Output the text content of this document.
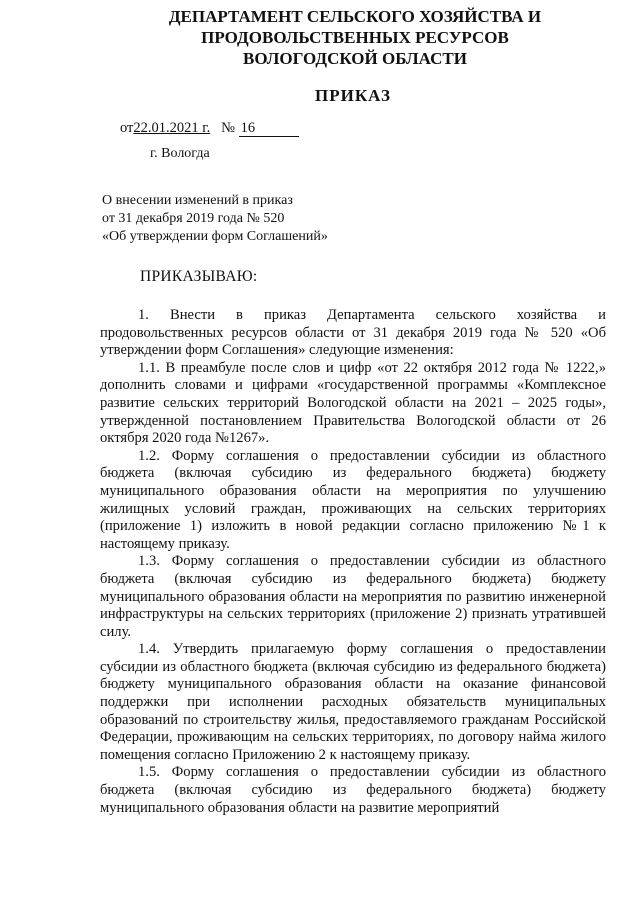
ДЕПАРТАМЕНТ СЕЛЬСКОГО ХОЗЯЙСТВА И
ПРОДОВОЛЬСТВЕННЫХ РЕСУРСОВ
ВОЛОГОДСКОЙ ОБЛАСТИ
ПРИКАЗ
от22.01.2021 г. № 16
г. Вологда
О внесении изменений в приказ
от 31 декабря 2019 года № 520
«Об утверждении форм Соглашений»
ПРИКАЗЫВАЮ:

1. Внести в приказ Департамента сельского хозяйства и продовольственных ресурсов области от 31 декабря 2019 года № 520 «Об утверждении форм Соглашения» следующие изменения:

1.1. В преамбуле после слов и цифр «от 22 октября 2012 года № 1222,» дополнить словами и цифрами «государственной программы «Комплексное развитие сельских территорий Вологодской области на 2021 – 2025 годы», утвержденной постановлением Правительства Вологодской области от 26 октября 2020 года №1267».

1.2. Форму соглашения о предоставлении субсидии из областного бюджета (включая субсидию из федерального бюджета) бюджету муниципального образования области на мероприятия по улучшению жилищных условий граждан, проживающих на сельских территориях (приложение 1) изложить в новой редакции согласно приложению №1 к настоящему приказу.

1.3. Форму соглашения о предоставлении субсидии из областного бюджета (включая субсидию из федерального бюджета) бюджету муниципального образования области на мероприятия по развитию инженерной инфраструктуры на сельских территориях (приложение 2) признать утратившей силу.

1.4. Утвердить прилагаемую форму соглашения о предоставлении субсидии из областного бюджета (включая субсидию из федерального бюджета) бюджету муниципального образования области на оказание финансовой поддержки при исполнении расходных обязательств муниципальных образований по строительству жилья, предоставляемого гражданам Российской Федерации, проживающим на сельских территориях, по договору найма жилого помещения согласно Приложению 2 к настоящему приказу.

1.5. Форму соглашения о предоставлении субсидии из областного бюджета (включая субсидию из федерального бюджета) бюджету муниципального образования области на развитие мероприятий
